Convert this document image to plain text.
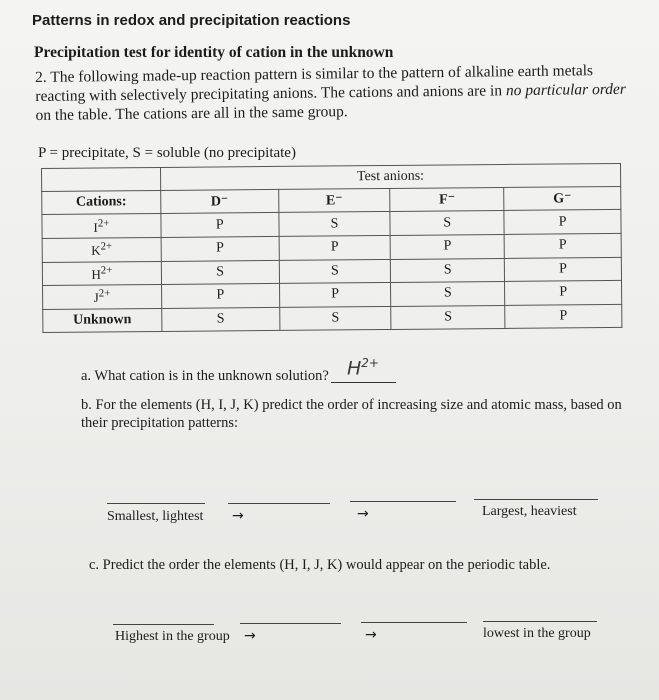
Patterns in redox and precipitation reactions
Precipitation test for identity of cation in the unknown
2. The following made-up reaction pattern is similar to the pattern of alkaline earth metals reacting with selectively precipitating anions. The cations and anions are in no particular order on the table. The cations are all in the same group.
P = precipitate, S = soluble (no precipitate)
	Test anions:			
Cations:	D⁻	E⁻	F⁻	G⁻
$I^{2+}$	P	S	S	P
$K^{2+}$	P	P	P	P
$H^{2+}$	S	S	S	P
$J^{2+}$	P	P	S	P
Unknown	S	S	S	P
a. What cation is in the unknown solution? $H^{2+}$
b. For the elements (H, I, J, K) predict the order of increasing size and atomic mass, based on their precipitation patterns:
Smallest, lightest →	→	Largest, heaviest
c. Predict the order the elements (H, I, J, K) would appear on the periodic table.
Highest in the group →	→	lowest in the group
